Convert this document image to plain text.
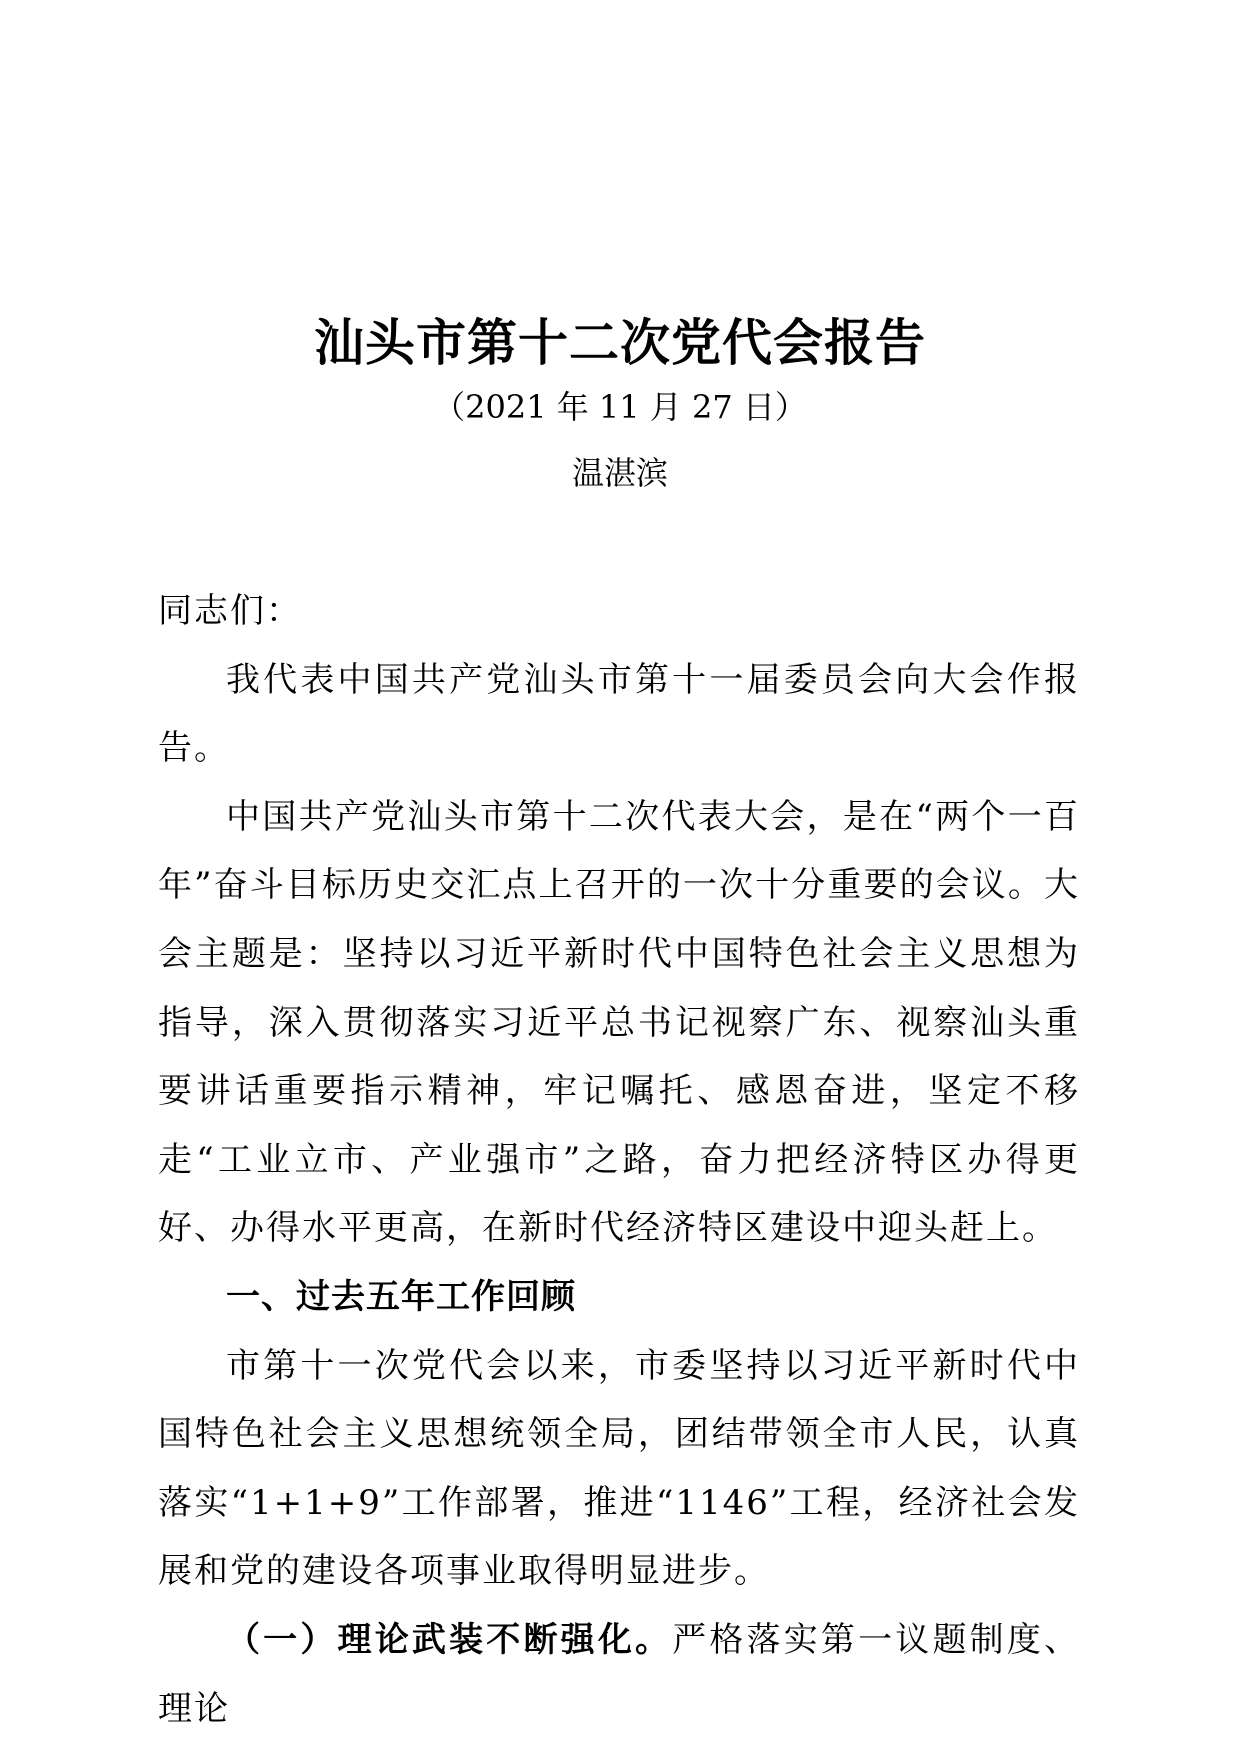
汕头市第十二次党代会报告
（2021 年 11 月 27 日）
温湛滨

同志们：

我代表中国共产党汕头市第十一届委员会向大会作报告。

中国共产党汕头市第十二次代表大会，是在“两个一百年”奋斗目标历史交汇点上召开的一次十分重要的会议。大会主题是：坚持以习近平新时代中国特色社会主义思想为指导，深入贯彻落实习近平总书记视察广东、视察汕头重要讲话重要指示精神，牢记嘱托、感恩奋进，坚定不移走“工业立市、产业强市”之路，奋力把经济特区办得更好、办得水平更高，在新时代经济特区建设中迎头赶上。

一、过去五年工作回顾

市第十一次党代会以来，市委坚持以习近平新时代中国特色社会主义思想统领全局，团结带领全市人民，认真落实“1+1+9”工作部署，推进“1146”工程，经济社会发展和党的建设各项事业取得明显进步。

（一）理论武装不断强化。严格落实第一议题制度、理论
